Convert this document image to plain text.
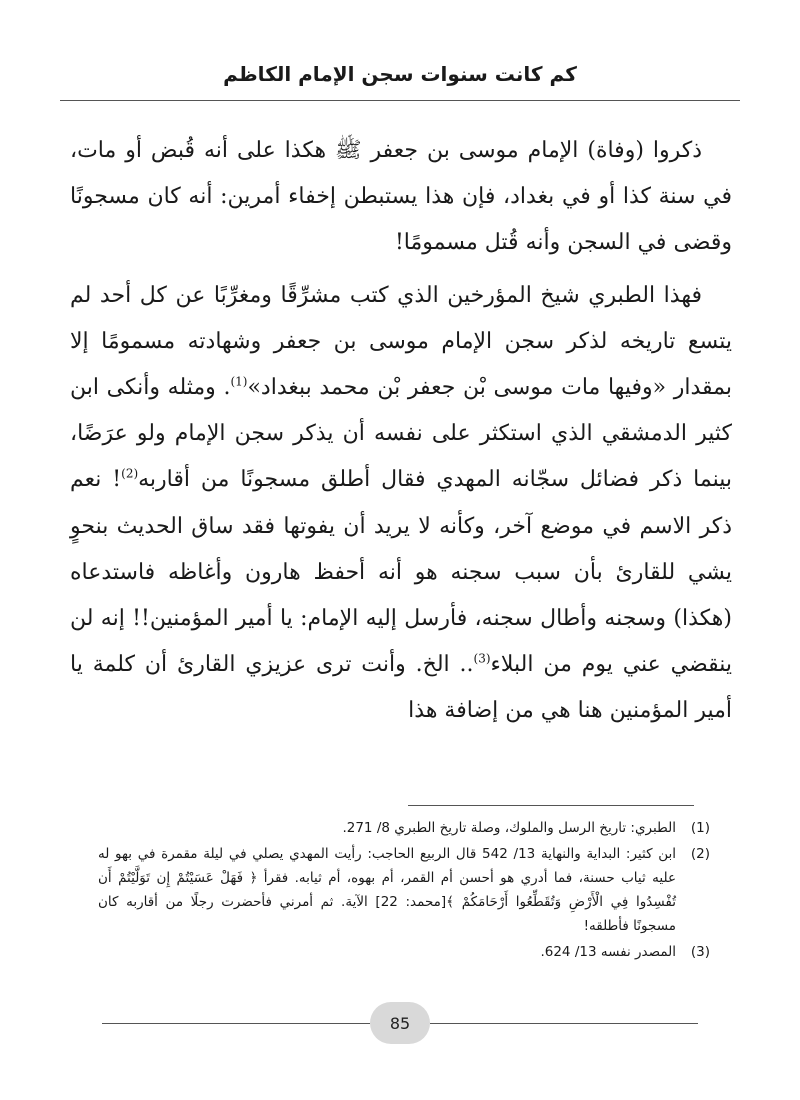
كم كانت سنوات سجن الإمام الكاظم

ذكروا (وفاة) الإمام موسى بن جعفر ﷺ هكذا على أنه قُبض أو مات، في سنة كذا أو في بغداد، فإن هذا يستبطن إخفاء أمرين: أنه كان مسجونًا وقضى في السجن وأنه قُتل مسمومًا!

فهذا الطبري شيخ المؤرخين الذي كتب مشرِّقًا ومغرِّبًا عن كل أحد لم يتسع تاريخه لذكر سجن الإمام موسى بن جعفر وشهادته مسمومًا إلا بمقدار «وفيها مات موسى بْن جعفر بْن محمد ببغداد»$^{(1)}$. ومثله وأنكى ابن كثير الدمشقي الذي استكثر على نفسه أن يذكر سجن الإمام ولو عرَضًا، بينما ذكر فضائل سجّانه المهدي فقال أطلق مسجونًا من أقاربه$^{(2)}$! نعم ذكر الاسم في موضع آخر، وكأنه لا يريد أن يفوتها فقد ساق الحديث بنحوٍ يشي للقارئ بأن سبب سجنه هو أنه أحفظ هارون وأغاظه فاستدعاه (هكذا) وسجنه وأطال سجنه، فأرسل إليه الإمام: يا أمير المؤمنين!! إنه لن ينقضي عني يوم من البلاء$^{(3)}$.. الخ. وأنت ترى عزيزي القارئ أن كلمة يا أمير المؤمنين هنا هي من إضافة هذا

(1)
الطبري: تاريخ الرسل والملوك، وصلة تاريخ الطبري 8/ 271.
(2)
ابن كثير: البداية والنهاية 13/ 542 قال الربيع الحاجب: رأيت المهدي يصلي في ليلة مقمرة في بهو له عليه ثياب حسنة، فما أدري هو أحسن أم القمر، أم بهوه، أم ثيابه. فقرأ ﴿ فَهَلْ عَسَيْتُمْ إِن تَوَلَّيْتُمْ أَن تُفْسِدُوا فِي الْأَرْضِ وَتُقَطِّعُوا أَرْحَامَكُمْ ﴾[محمد: 22] الآية. ثم أمرني فأحضرت رجلًا من أقاربه كان مسجونًا فأطلقه!
(3)
المصدر نفسه 13/ 624.
85
